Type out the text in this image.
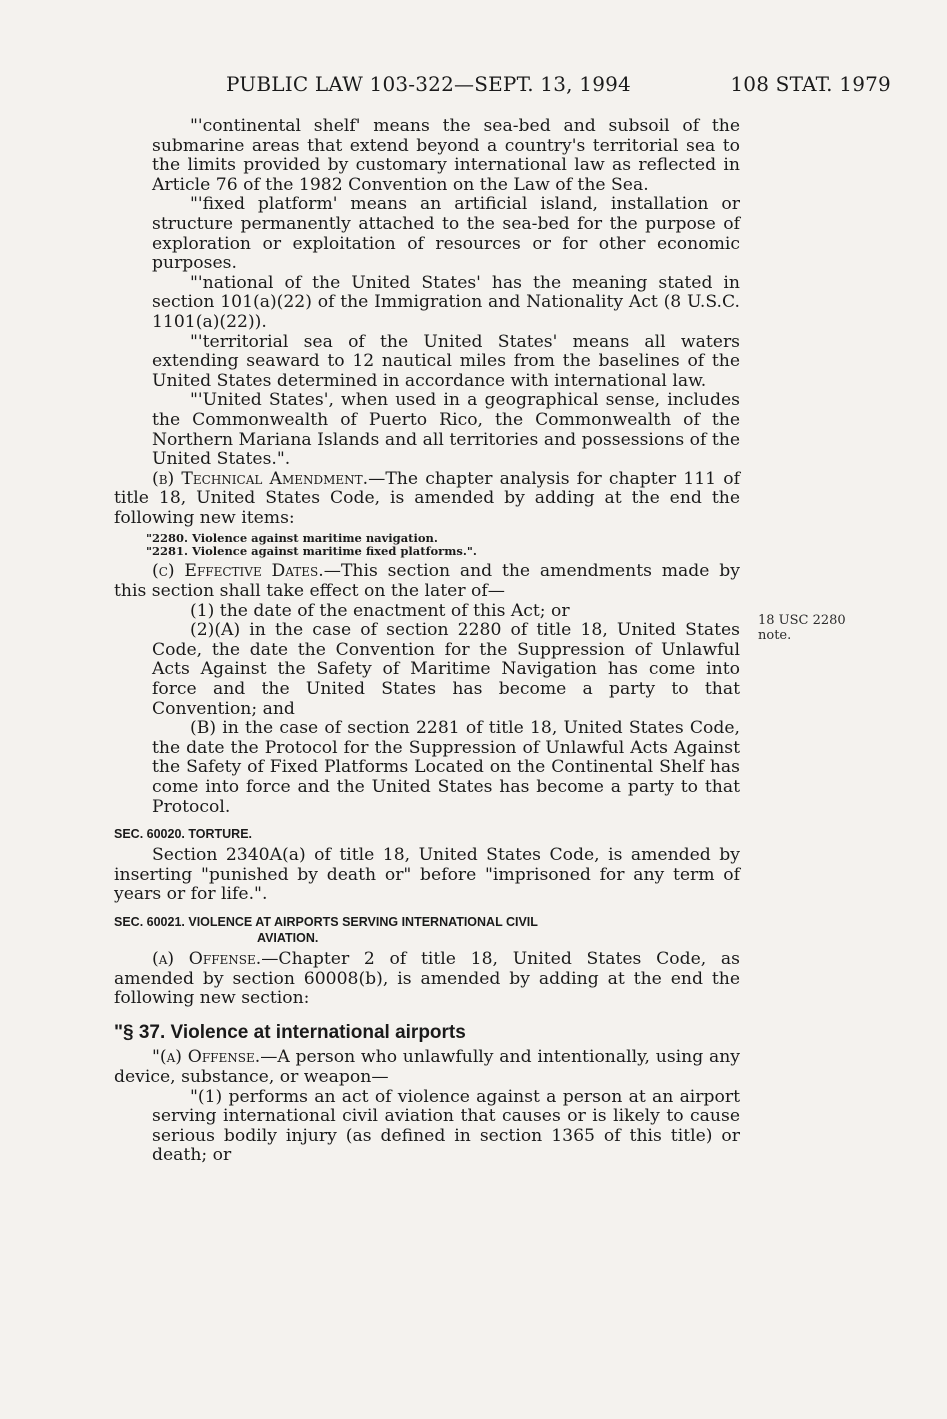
PUBLIC LAW 103-322—SEPT. 13, 1994	108 STAT. 1979

"'continental shelf' means the sea-bed and subsoil of the submarine areas that extend beyond a country's territorial sea to the limits provided by customary international law as reflected in Article 76 of the 1982 Convention on the Law of the Sea.

"'fixed platform' means an artificial island, installation or structure permanently attached to the sea-bed for the purpose of exploration or exploitation of resources or for other economic purposes.

"'national of the United States' has the meaning stated in section 101(a)(22) of the Immigration and Nationality Act (8 U.S.C. 1101(a)(22)).

"'territorial sea of the United States' means all waters extending seaward to 12 nautical miles from the baselines of the United States determined in accordance with international law.

"'United States', when used in a geographical sense, includes the Commonwealth of Puerto Rico, the Commonwealth of the Northern Mariana Islands and all territories and possessions of the United States.".

(b) Technical Amendment.—The chapter analysis for chapter 111 of title 18, United States Code, is amended by adding at the end the following new items:

"2280. Violence against maritime navigation.

"2281. Violence against maritime fixed platforms.".

(c) Effective Dates.—This section and the amendments made by this section shall take effect on the later of—

(1) the date of the enactment of this Act; or

(2)(A) in the case of section 2280 of title 18, United States Code, the date the Convention for the Suppression of Unlawful Acts Against the Safety of Maritime Navigation has come into force and the United States has become a party to that Convention; and

(B) in the case of section 2281 of title 18, United States Code, the date the Protocol for the Suppression of Unlawful Acts Against the Safety of Fixed Platforms Located on the Continental Shelf has come into force and the United States has become a party to that Protocol.

SEC. 60020. TORTURE.

Section 2340A(a) of title 18, United States Code, is amended by inserting "punished by death or" before "imprisoned for any term of years or for life.".

SEC. 60021. VIOLENCE AT AIRPORTS SERVING INTERNATIONAL CIVIL
AVIATION.

(a) Offense.—Chapter 2 of title 18, United States Code, as amended by section 60008(b), is amended by adding at the end the following new section:

"§ 37. Violence at international airports

"(a) Offense.—A person who unlawfully and intentionally, using any device, substance, or weapon—

"(1) performs an act of violence against a person at an airport serving international civil aviation that causes or is likely to cause serious bodily injury (as defined in section 1365 of this title) or death; or

18 USC 2280
note.
